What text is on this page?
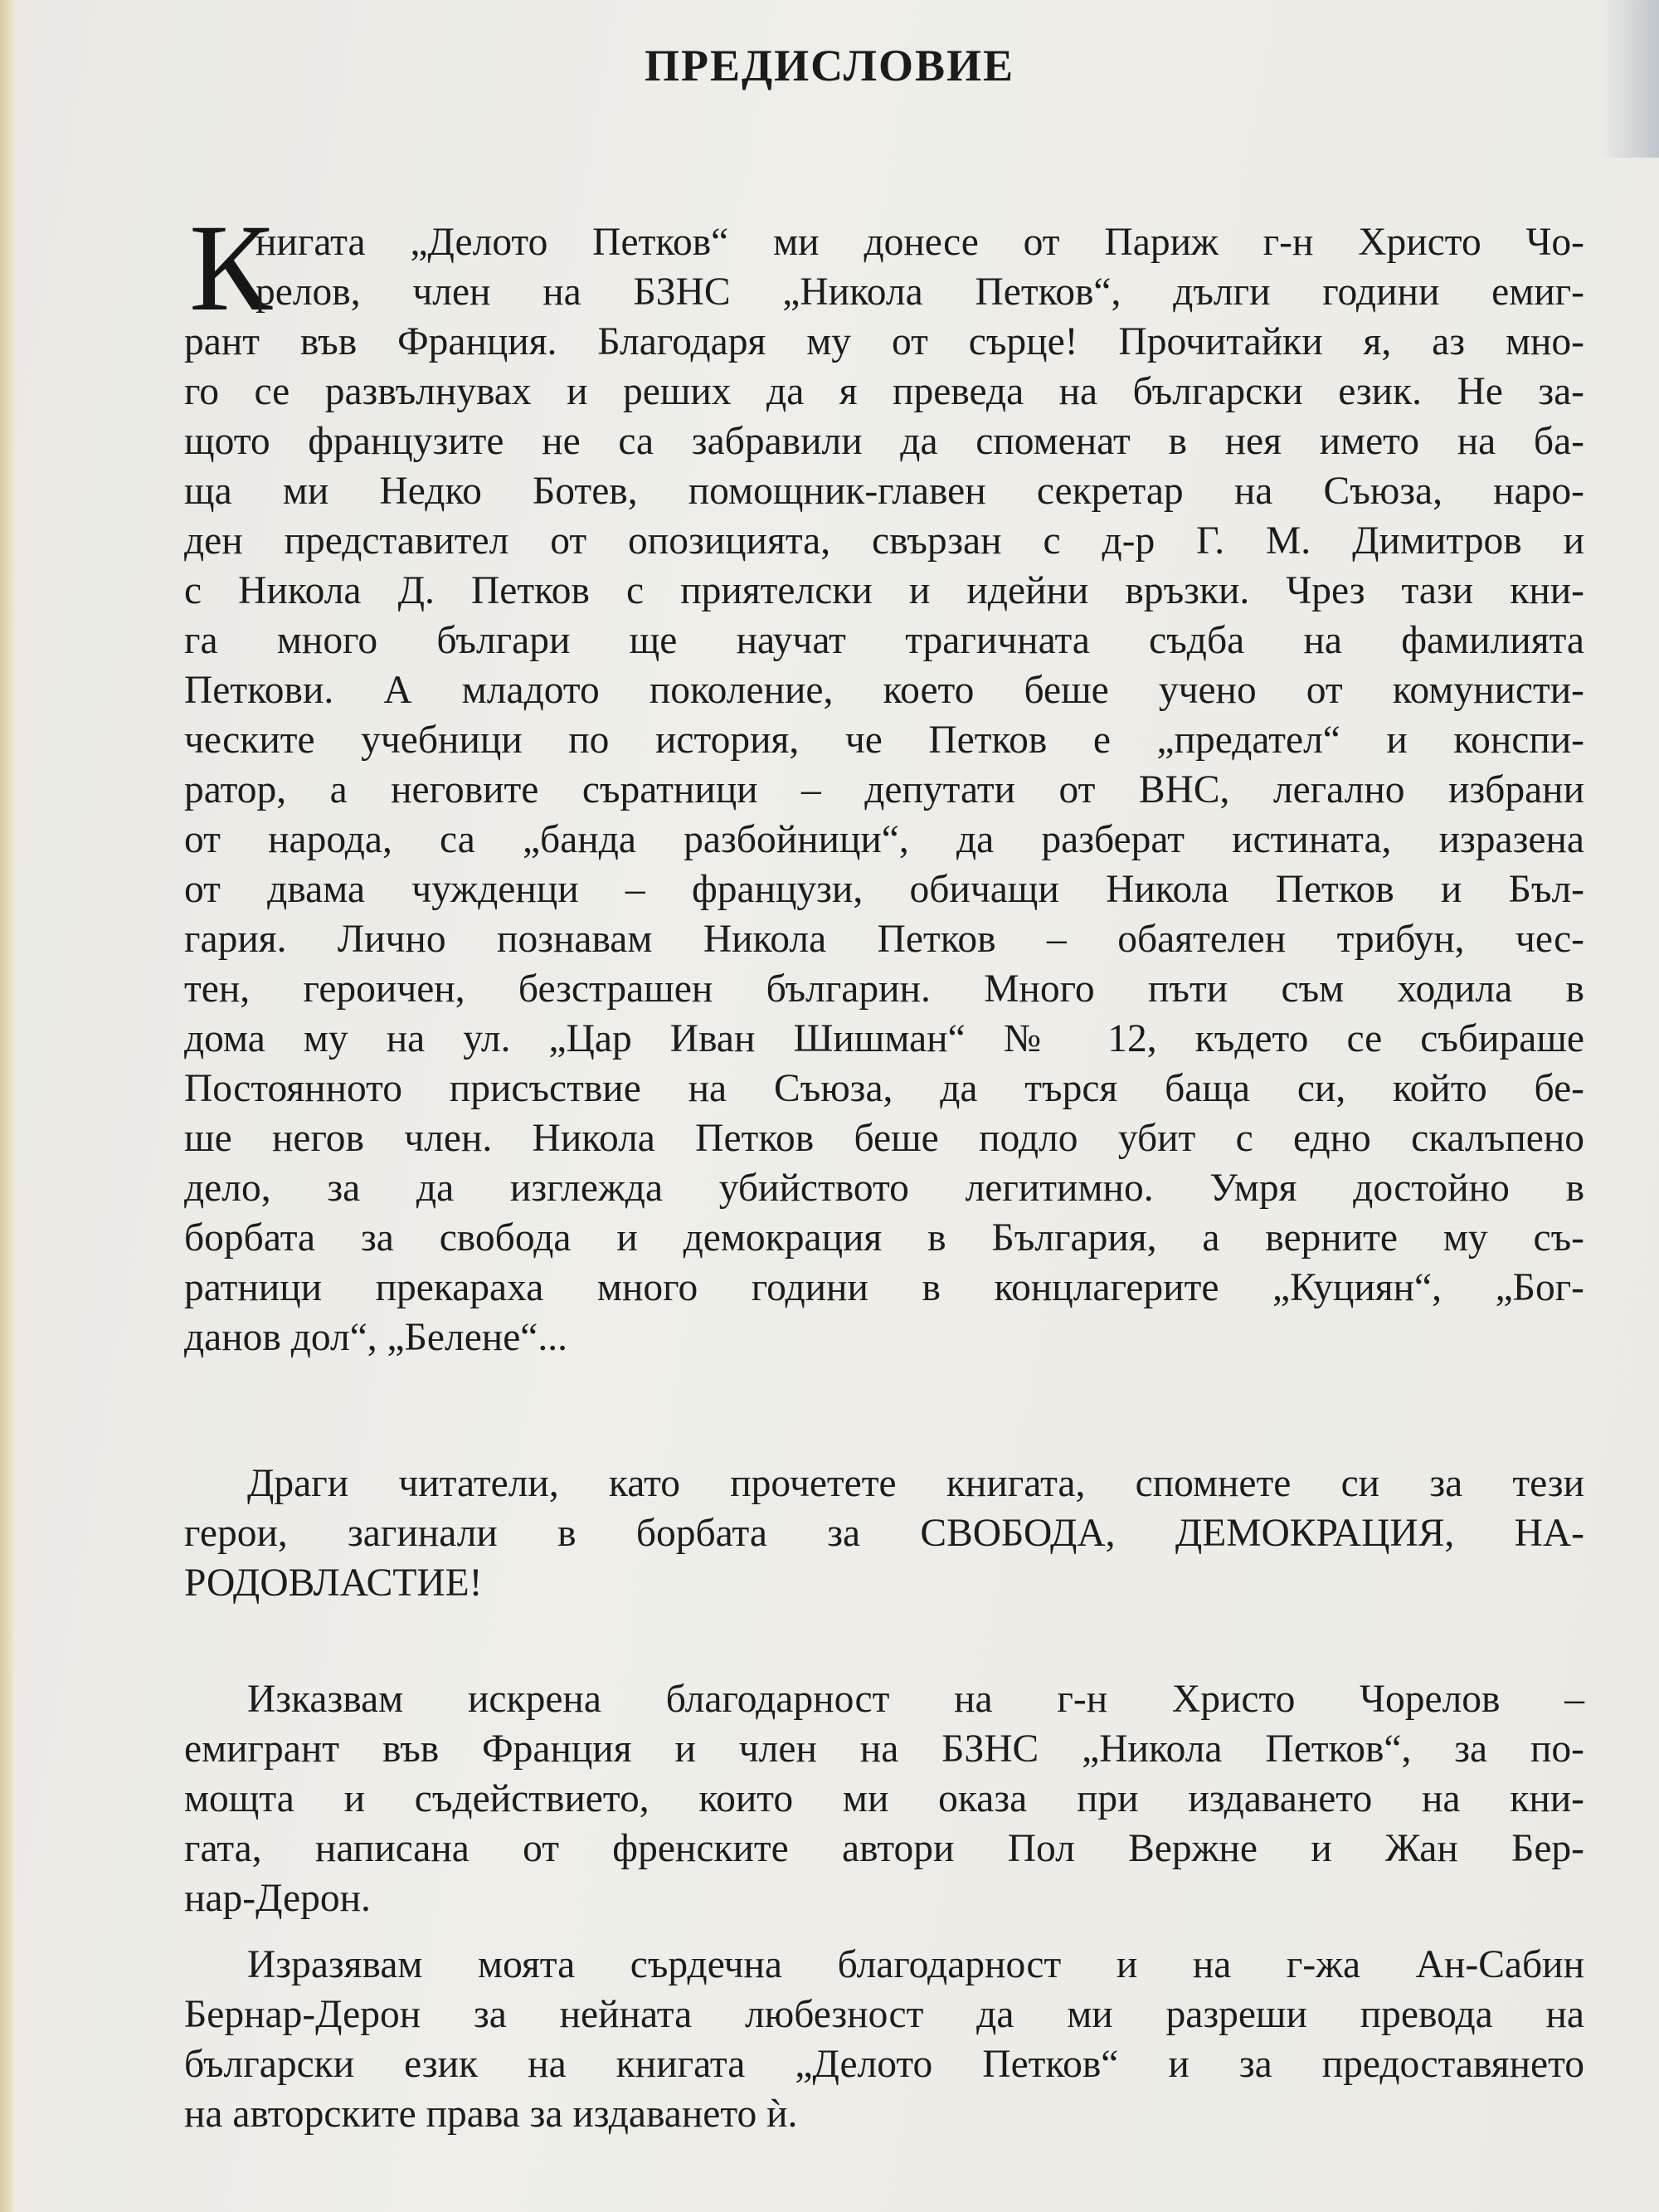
ПРЕДИСЛОВИЕ
К
нигата „Делото Петков“ ми донесе от Париж г-н Христо Чо-
релов, член на БЗНС „Никола Петков“, дълги години емиг-
рант във Франция. Благодаря му от сърце! Прочитайки я, аз мно-
го се развълнувах и реших да я преведа на български език. Не за-
щото французите не са забравили да споменат в нея името на ба-
ща ми Недко Ботев, помощник-главен секретар на Съюза, наро-
ден представител от опозицията, свързан с д-р Г. М. Димитров и
с Никола Д. Петков с приятелски и идейни връзки. Чрез тази кни-
га много българи ще научат трагичната съдба на фамилията
Петкови. А младото поколение, което беше учено от комунисти-
ческите учебници по история, че Петков е „предател“ и конспи-
ратор, а неговите съратници – депутати от ВНС, легално избрани
от народа, са „банда разбойници“, да разберат истината, изразена
от двама чужденци – французи, обичащи Никола Петков и Бъл-
гария. Лично познавам Никола Петков – обаятелен трибун, чес-
тен, героичен, безстрашен българин. Много пъти съм ходила в
дома му на ул. „Цар Иван Шишман“ № 12, където се събираше
Постоянното присъствие на Съюза, да търся баща си, който бе-
ше негов член. Никола Петков беше подло убит с едно скалъпено
дело, за да изглежда убийството легитимно. Умря достойно в
борбата за свобода и демокрация в България, а верните му съ-
ратници прекараха много години в концлагерите „Куциян“, „Бог-
данов дол“, „Белене“...
Драги читатели, като прочетете книгата, спомнете си за тези
герои, загинали в борбата за СВОБОДА, ДЕМОКРАЦИЯ, НА-
РОДОВЛАСТИЕ!
Изказвам искрена благодарност на г-н Христо Чорелов –
емигрант във Франция и член на БЗНС „Никола Петков“, за по-
мощта и съдействието, които ми оказа при издаването на кни-
гата, написана от френските автори Пол Вержне и Жан Бер-
нар-Дерон.
Изразявам моята сърдечна благодарност и на г-жа Ан-Сабин
Бернар-Дерон за нейната любезност да ми разреши превода на
български език на книгата „Делото Петков“ и за предоставянето
на авторските права за издаването ѝ.
